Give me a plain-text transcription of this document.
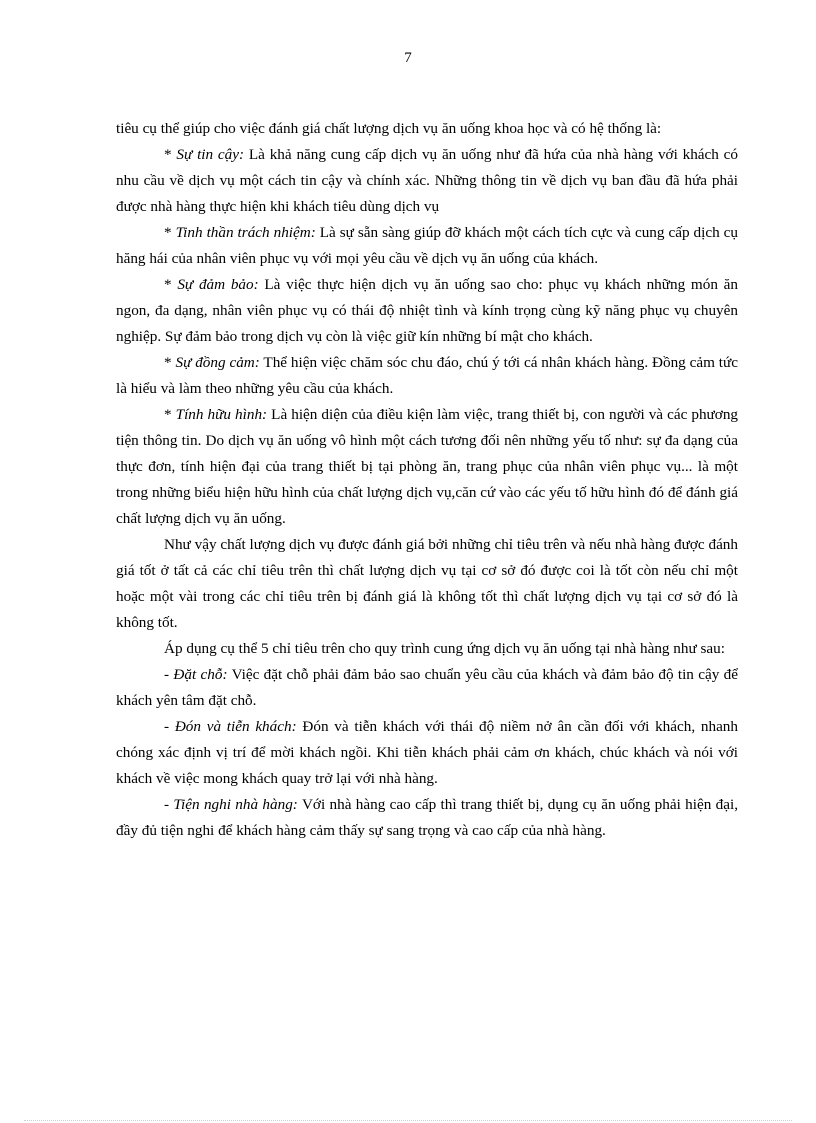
7

tiêu cụ thể giúp cho việc đánh giá chất lượng dịch vụ ăn uống khoa học và có hệ thống là:

* Sự tin cậy: Là khả năng cung cấp dịch vụ ăn uống như đã hứa của nhà hàng với khách có nhu cầu về dịch vụ một cách tin cậy và chính xác. Những thông tin về dịch vụ ban đầu đã hứa phải được nhà hàng thực hiện khi khách tiêu dùng dịch vụ

* Tinh thần trách nhiệm: Là sự sẵn sàng giúp đỡ khách một cách tích cực và cung cấp dịch cụ hăng hái của nhân viên phục vụ với mọi yêu cầu về dịch vụ ăn uống của khách.

* Sự đảm bảo: Là việc thực hiện dịch vụ ăn uống sao cho: phục vụ khách những món ăn ngon, đa dạng, nhân viên phục vụ có thái độ nhiệt tình và kính trọng cùng kỹ năng phục vụ chuyên nghiệp. Sự đảm bảo trong dịch vụ còn là việc giữ kín những bí mật cho khách.

* Sự đồng cảm: Thể hiện việc chăm sóc chu đáo, chú ý tới cá nhân khách hàng. Đồng cảm tức là hiểu và làm theo những yêu cầu của khách.

* Tính hữu hình: Là hiện diện của điều kiện làm việc, trang thiết bị, con người và các phương tiện thông tin. Do dịch vụ ăn uống vô hình một cách tương đối nên những yếu tố như: sự đa dạng của thực đơn, tính hiện đại của trang thiết bị tại phòng ăn, trang phục của nhân viên phục vụ... là một trong những biểu hiện hữu hình của chất lượng dịch vụ,căn cứ vào các yếu tố hữu hình đó để đánh giá chất lượng dịch vụ ăn uống.

Như vậy chất lượng dịch vụ được đánh giá bởi những chỉ tiêu trên và nếu nhà hàng được đánh giá tốt ở tất cả các chỉ tiêu trên thì chất lượng dịch vụ tại cơ sở đó được coi là tốt còn nếu chỉ một hoặc một vài trong các chỉ tiêu trên bị đánh giá là không tốt thì chất lượng dịch vụ tại cơ sở đó là không tốt.

Áp dụng cụ thể 5 chỉ tiêu trên cho quy trình cung ứng dịch vụ ăn uống tại nhà hàng như sau:

- Đặt chỗ: Việc đặt chỗ phải đảm bảo sao chuẩn yêu cầu của khách và đảm bảo độ tin cậy để khách yên tâm đặt chỗ.

- Đón và tiễn khách: Đón và tiễn khách với thái độ niềm nở ân cần đối với khách, nhanh chóng xác định vị trí để mời khách ngồi. Khi tiễn khách phải cảm ơn khách, chúc khách và nói với khách về việc mong khách quay trở lại với nhà hàng.

- Tiện nghi nhà hàng: Với nhà hàng cao cấp thì trang thiết bị, dụng cụ ăn uống phải hiện đại, đầy đủ tiện nghi để khách hàng cảm thấy sự sang trọng và cao cấp của nhà hàng.
